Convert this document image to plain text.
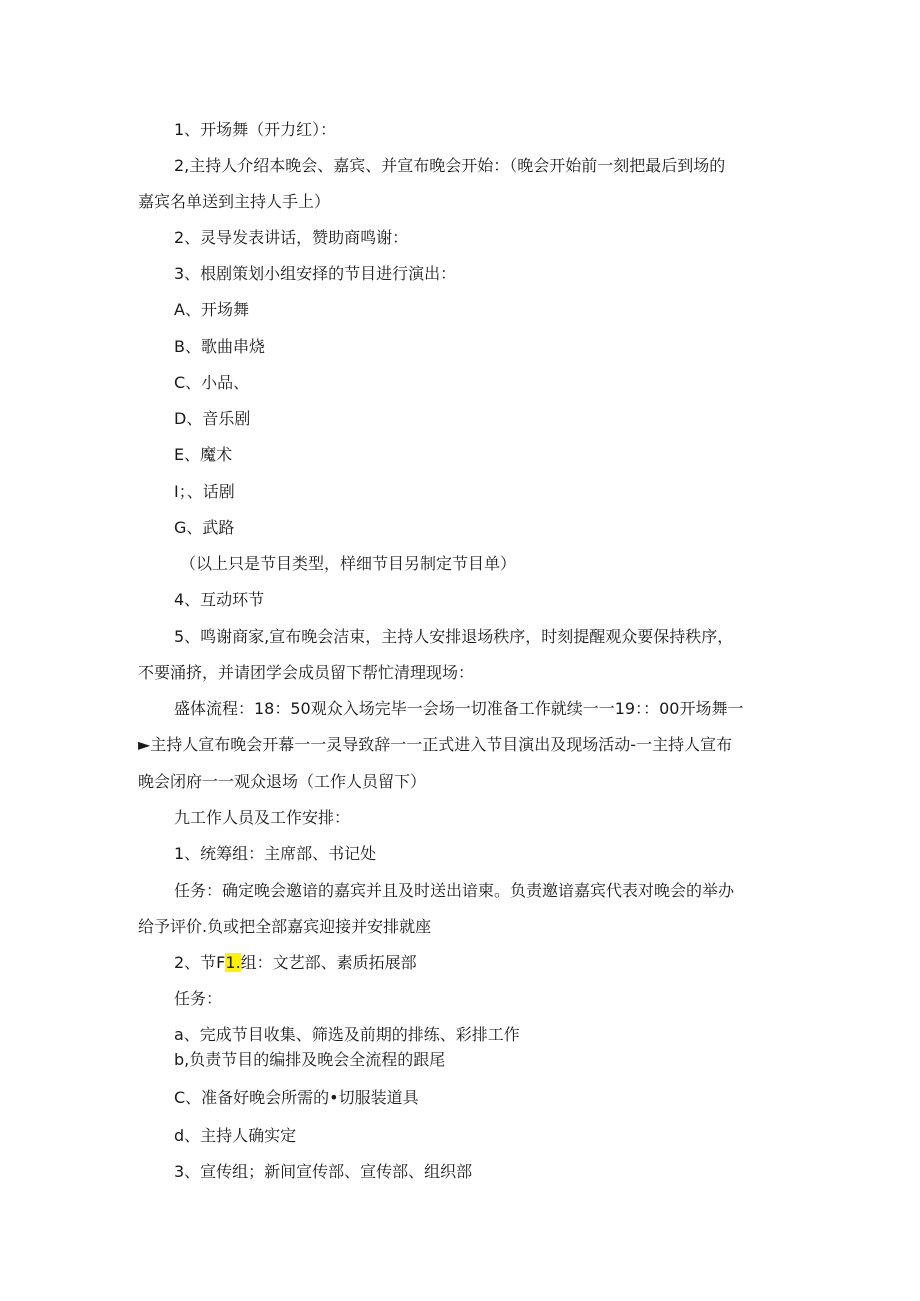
1、开场舞（开力红）：

2,主持人介绍本晚会、嘉宾、并宣布晚会开始：（晚会开始前一刻把最后到场的

嘉宾名单送到主持人手上）

2、灵导发表讲话，赞助商鸣谢：

3、根剧策划小组安择的节目进行演出：

A、开场舞

B、歌曲串烧

C、小品、

D、音乐剧

E、魔术

I；、话剧

G、武路

（以上只是节目类型，样细节目另制定节目单）

4、互动环节

5、鸣谢商家,宣布晚会洁束，主持人安排退场秩序，时刻提醒观众要保持秩序，

不要涌挤，并请团学会成员留下帮忙清理现场：

盛体流程：18：50观众入场完毕一会场一切准备工作就续一一19：：00开场舞一

►主持人宣布晚会开幕一一灵导致辞一一正式进入节目演出及现场活动-一主持人宣布

晚会闭府一一观众退场（工作人员留下）

九工作人员及工作安排：

1、统筹组：主席部、书记处

任务：确定晚会邀谙的嘉宾并且及时送出谙柬。负责邀谙嘉宾代表对晚会的举办

给予评价.负或把全部嘉宾迎接并安排就座

2、节F1.组：文艺部、素质拓展部

任务：

a、完成节目收集、筛选及前期的排练、彩排工作

b,负责节目的编排及晚会全流程的跟尾

C、准备好晚会所需的•切服装道具

d、主持人确实定

3、宣传组；新间宣传部、宣传部、组织部
